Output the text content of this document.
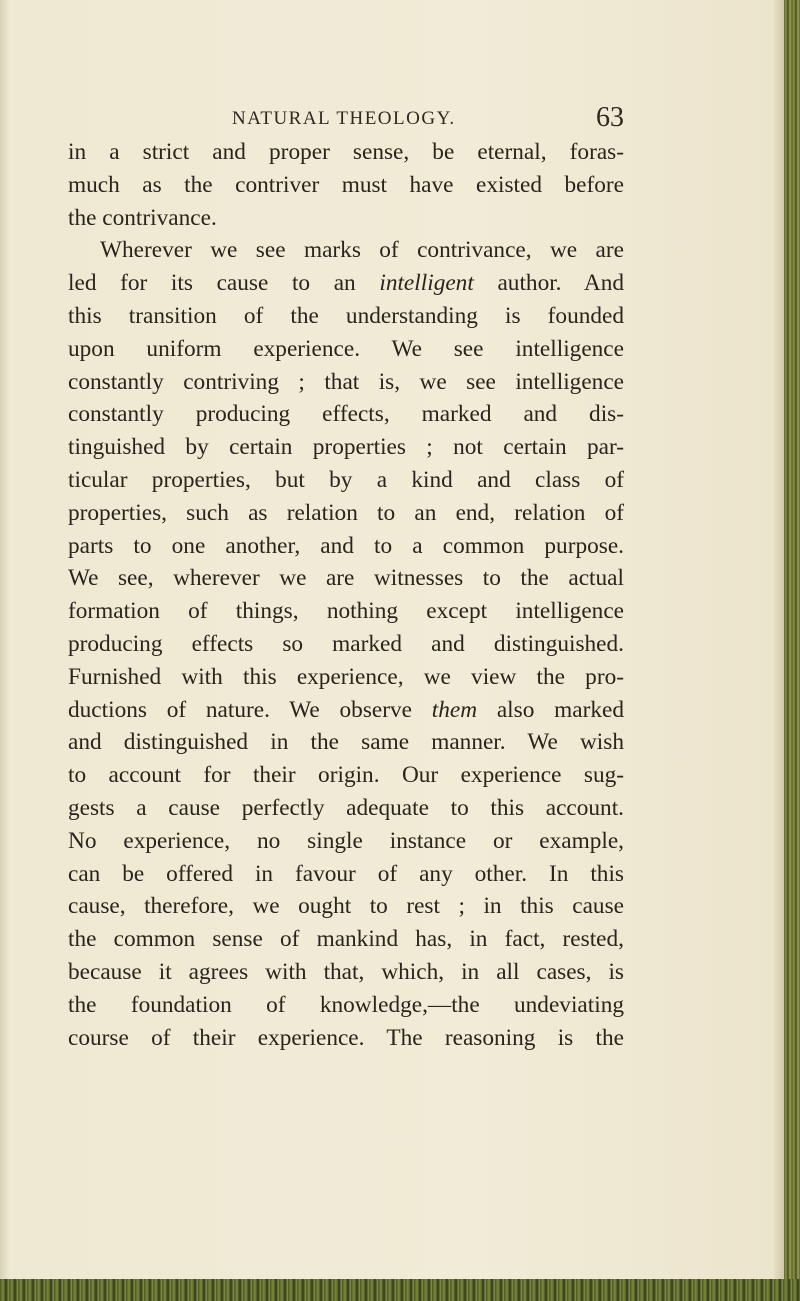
NATURAL THEOLOGY.	63
in a strict and proper sense, be eternal, foras-
much as the contriver must have existed before
the contrivance.
Wherever we see marks of contrivance, we are
led for its cause to an intelligent author. And
this transition of the understanding is founded
upon uniform experience. We see intelligence
constantly contriving ; that is, we see intelligence
constantly producing effects, marked and dis-
tinguished by certain properties ; not certain par-
ticular properties, but by a kind and class of
properties, such as relation to an end, relation of
parts to one another, and to a common purpose.
We see, wherever we are witnesses to the actual
formation of things, nothing except intelligence
producing effects so marked and distinguished.
Furnished with this experience, we view the pro-
ductions of nature. We observe them also marked
and distinguished in the same manner. We wish
to account for their origin. Our experience sug-
gests a cause perfectly adequate to this account.
No experience, no single instance or example,
can be offered in favour of any other. In this
cause, therefore, we ought to rest ; in this cause
the common sense of mankind has, in fact, rested,
because it agrees with that, which, in all cases, is
the foundation of knowledge,—the undeviating
course of their experience. The reasoning is the
